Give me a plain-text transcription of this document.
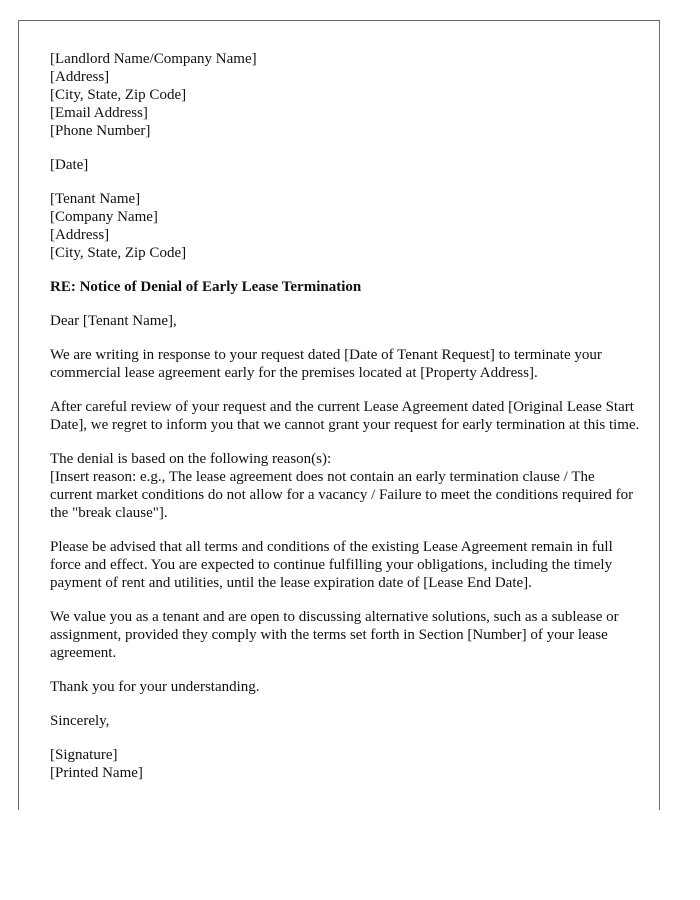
[Landlord Name/Company Name]
[Address]
[City, State, Zip Code]
[Email Address]
[Phone Number]
[Date]
[Tenant Name]
[Company Name]
[Address]
[City, State, Zip Code]

RE: Notice of Denial of Early Lease Termination

Dear [Tenant Name],

We are writing in response to your request dated [Date of Tenant Request] to terminate your commercial lease agreement early for the premises located at [Property Address].

After careful review of your request and the current Lease Agreement dated [Original Lease Start Date], we regret to inform you that we cannot grant your request for early termination at this time.

The denial is based on the following reason(s):
[Insert reason: e.g., The lease agreement does not contain an early termination clause / The current market conditions do not allow for a vacancy / Failure to meet the conditions required for the "break clause"].

Please be advised that all terms and conditions of the existing Lease Agreement remain in full force and effect. You are expected to continue fulfilling your obligations, including the timely payment of rent and utilities, until the lease expiration date of [Lease End Date].

We value you as a tenant and are open to discussing alternative solutions, such as a sublease or assignment, provided they comply with the terms set forth in Section [Number] of your lease agreement.

Thank you for your understanding.

Sincerely,

[Signature]
[Printed Name]
